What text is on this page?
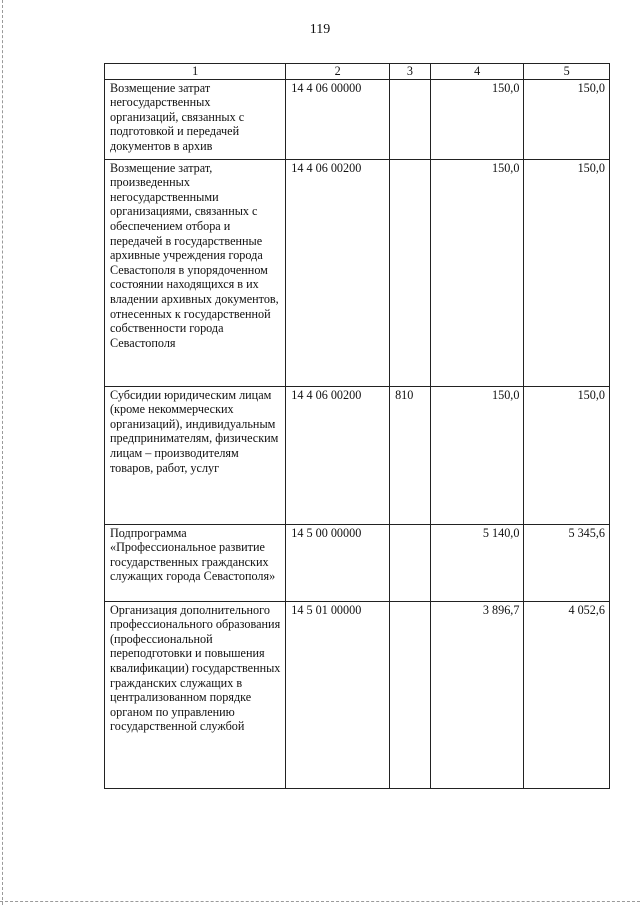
119
1	2	3	4	5
Возмещение затрат негосударственных организаций, связанных с подготовкой и передачей документов в архив	14 4 06 00000		150,0	150,0
Возмещение затрат, произведенных негосударственными организациями, связанных с обеспечением отбора и передачей в государственные архивные учреждения города Севастополя в упорядоченном состоянии находящихся в их владении архивных документов, отнесенных к государственной собственности города Севастополя	14 4 06 00200		150,0	150,0
Субсидии юридическим лицам (кроме некоммерческих организаций), индивидуальным предпринимателям, физическим лицам – производителям товаров, работ, услуг	14 4 06 00200	810	150,0	150,0
Подпрограмма «Профессиональное развитие государственных гражданских служащих города Севастополя»	14 5 00 00000		5 140,0	5 345,6
Организация дополнительного профессионального образования (профессиональной переподготовки и повышения квалификации) государственных гражданских служащих в централизованном порядке органом по управлению государственной службой	14 5 01 00000		3 896,7	4 052,6
